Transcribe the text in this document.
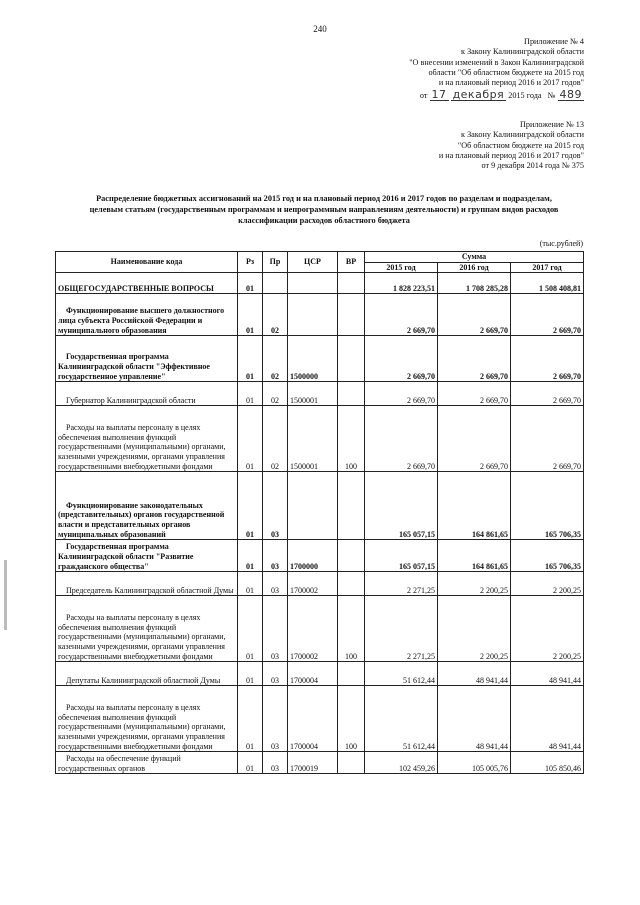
240
Приложение № 4
к Закону Калининградской области
"О внесении изменений в Закон Калининградской
области "Об областном бюджете на 2015 год
и на плановый период 2016 и 2017 годов"
от 17 декабря 2015 года № 489
Приложение № 13
к Закону Калининградской области
"Об областном бюджете на 2015 год
и на плановый период 2016 и 2017 годов"
от 9 декабря 2014 года № 375
Распределение бюджетных ассигнований на 2015 год и на плановый период 2016 и 2017 годов по разделам и подразделам,
целевым статьям (государственным программам и непрограммным направлениям деятельности) и группам видов расходов
классификации расходов областного бюджета
(тыс.рублей)
Наименование кода	Рз	Пр	ЦСР	ВР	Сумма		
					2015 год	2016 год	2017 год
ОБЩЕГОСУДАРСТВЕННЫЕ ВОПРОСЫ	01				1 828 223,51	1 708 285,28	1 508 408,81
Функционирование высшего должностного лица субъекта Российской Федерации и муниципального образования	01	02			2 669,70	2 669,70	2 669,70
Государственная программа Калининградской области "Эффективное государственное управление"	01	02	1500000		2 669,70	2 669,70	2 669,70
Губернатор Калининградской области	01	02	1500001		2 669,70	2 669,70	2 669,70
Расходы на выплаты персоналу в целях обеспечения выполнения функций государственными (муниципальными) органами, казенными учреждениями, органами управления государственными внебюджетными фондами	01	02	1500001	100	2 669,70	2 669,70	2 669,70
Функционирование законодательных (представительных) органов государственной власти и представительных органов муниципальных образований	01	03			165 057,15	164 861,65	165 706,35
Государственная программа Калининградской области "Развитие гражданского общества"	01	03	1700000		165 057,15	164 861,65	165 706,35
Председатель Калининградской областной Думы	01	03	1700002		2 271,25	2 200,25	2 200,25
Расходы на выплаты персоналу в целях обеспечения выполнения функций государственными (муниципальными) органами, казенными учреждениями, органами управления государственными внебюджетными фондами	01	03	1700002	100	2 271,25	2 200,25	2 200,25
Депутаты Калининградской областной Думы	01	03	1700004		51 612,44	48 941,44	48 941,44
Расходы на выплаты персоналу в целях обеспечения выполнения функций государственными (муниципальными) органами, казенными учреждениями, органами управления государственными внебюджетными фондами	01	03	1700004	100	51 612,44	48 941,44	48 941,44
Расходы на обеспечение функций государственных органов	01	03	1700019		102 459,26	105 005,76	105 850,46
